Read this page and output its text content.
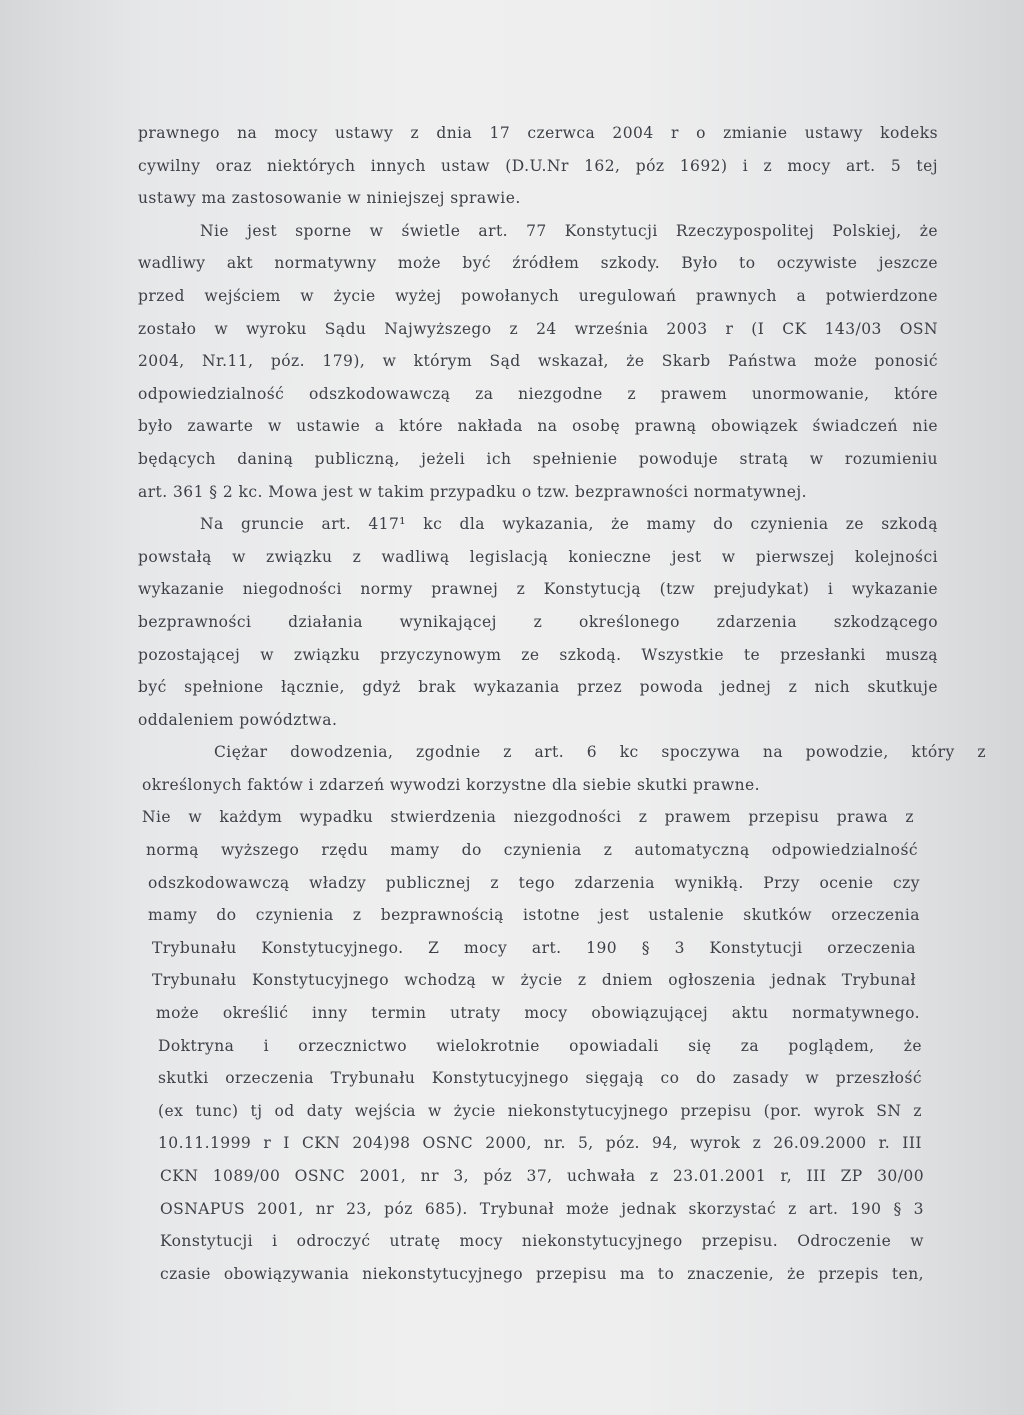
prawnego na mocy ustawy z dnia 17 czerwca 2004 r o zmianie ustawy kodeks
cywilny oraz niektórych innych ustaw (D.U.Nr 162, póz 1692) i z mocy art. 5 tej
ustawy ma zastosowanie w niniejszej sprawie.
Nie jest sporne w świetle art. 77 Konstytucji Rzeczypospolitej Polskiej, że
wadliwy akt normatywny może być źródłem szkody. Było to oczywiste jeszcze
przed wejściem w życie wyżej powołanych uregulowań prawnych a potwierdzone
zostało w wyroku Sądu Najwyższego z 24 września 2003 r (I CK 143/03 OSN
2004, Nr.11, póz. 179), w którym Sąd wskazał, że Skarb Państwa może ponosić
odpowiedzialność odszkodowawczą za niezgodne z prawem unormowanie, które
było zawarte w ustawie a które nakłada na osobę prawną obowiązek świadczeń nie
będących daniną publiczną, jeżeli ich spełnienie powoduje stratą w rozumieniu
art. 361 § 2 kc. Mowa jest w takim przypadku o tzw. bezprawności normatywnej.
Na gruncie art. 417¹ kc dla wykazania, że mamy do czynienia ze szkodą
powstałą w związku z wadliwą legislacją konieczne jest w pierwszej kolejności
wykazanie niegodności normy prawnej z Konstytucją (tzw prejudykat) i wykazanie
bezprawności działania wynikającej z określonego zdarzenia szkodzącego
pozostającej w związku przyczynowym ze szkodą. Wszystkie te przesłanki muszą
być spełnione łącznie, gdyż brak wykazania przez powoda jednej z nich skutkuje
oddaleniem powództwa.
Ciężar dowodzenia, zgodnie z art. 6 kc spoczywa na powodzie, który z
określonych faktów i zdarzeń wywodzi korzystne dla siebie skutki prawne.
Nie w każdym wypadku stwierdzenia niezgodności z prawem przepisu prawa z
normą wyższego rzędu mamy do czynienia z automatyczną odpowiedzialność
odszkodowawczą władzy publicznej z tego zdarzenia wynikłą. Przy ocenie czy
mamy do czynienia z bezprawnością istotne jest ustalenie skutków orzeczenia
Trybunału Konstytucyjnego. Z mocy art. 190 § 3 Konstytucji orzeczenia
Trybunału Konstytucyjnego wchodzą w życie z dniem ogłoszenia jednak Trybunał
może określić inny termin utraty mocy obowiązującej aktu normatywnego.
Doktryna i orzecznictwo wielokrotnie opowiadali się za poglądem, że
skutki orzeczenia Trybunału Konstytucyjnego sięgają co do zasady w przeszłość
(ex tunc) tj od daty wejścia w życie niekonstytucyjnego przepisu (por. wyrok SN z
10.11.1999 r I CKN 204)98 OSNC 2000, nr. 5, póz. 94, wyrok z 26.09.2000 r. III
CKN 1089/00 OSNC 2001, nr 3, póz 37, uchwała z 23.01.2001 r, III ZP 30/00
OSNAPUS 2001, nr 23, póz 685). Trybunał może jednak skorzystać z art. 190 § 3
Konstytucji i odroczyć utratę mocy niekonstytucyjnego przepisu. Odroczenie w
czasie obowiązywania niekonstytucyjnego przepisu ma to znaczenie, że przepis ten,
